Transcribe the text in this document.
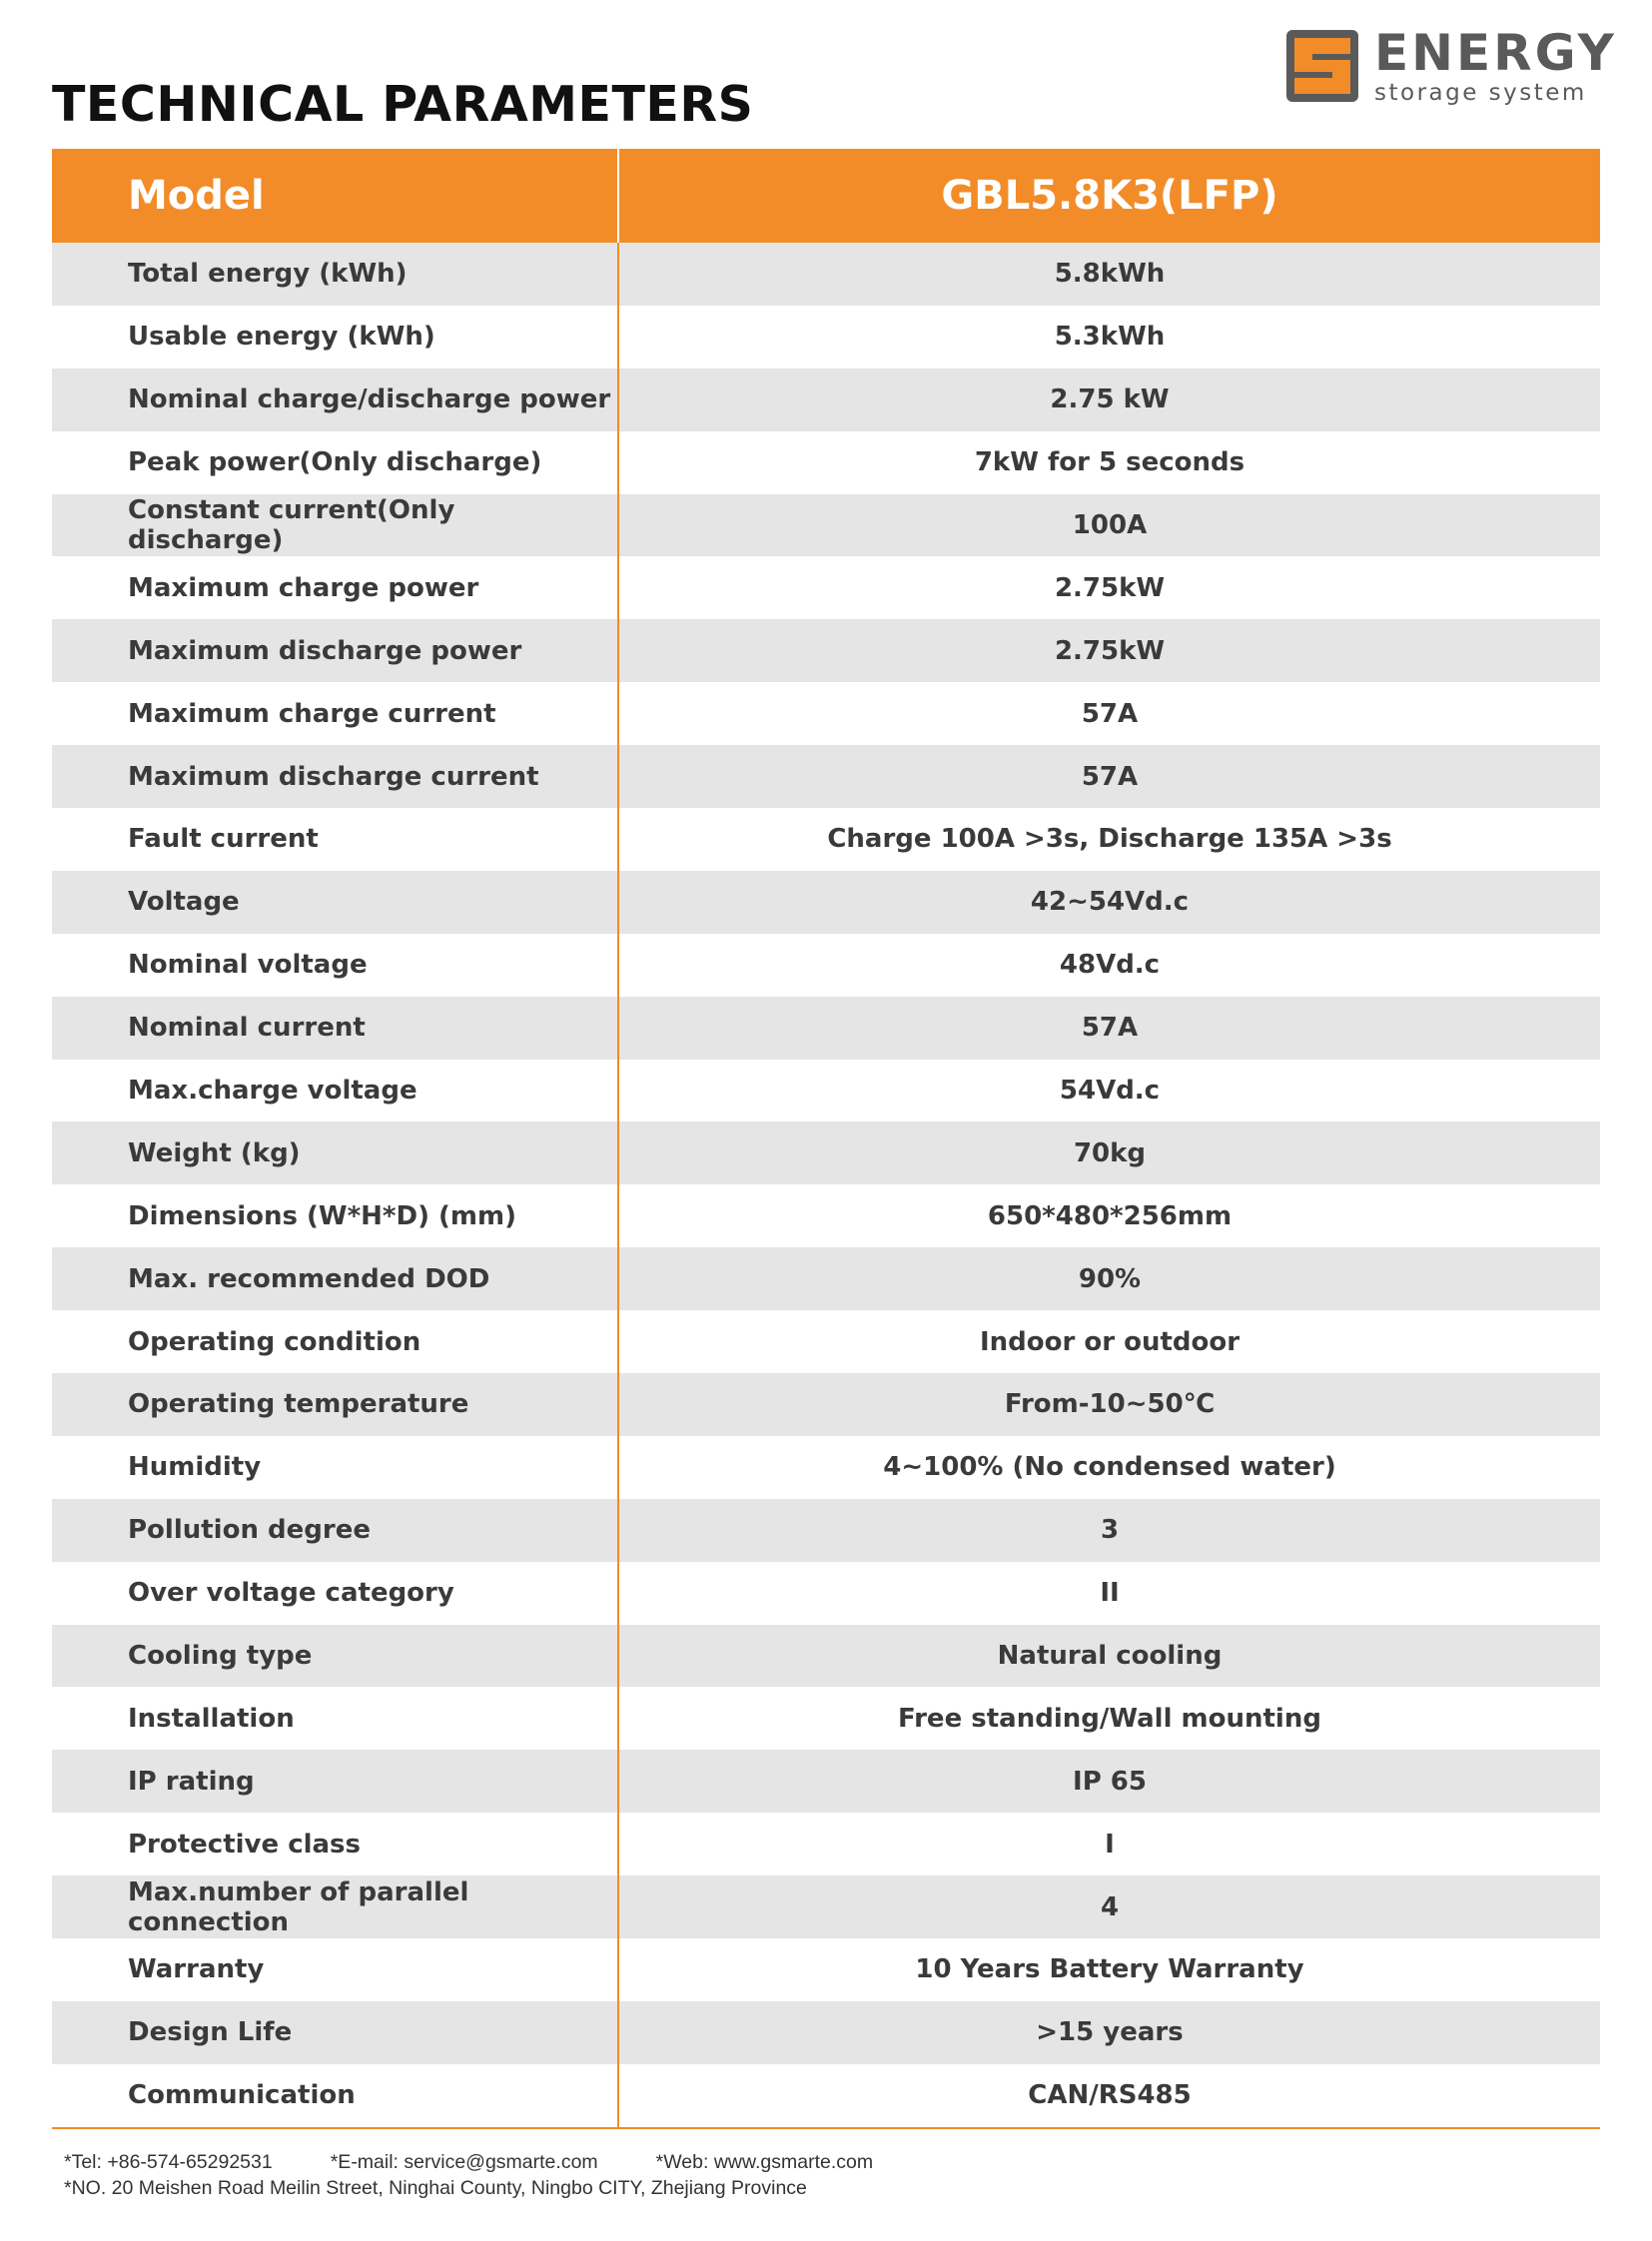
ENERGY
storage system
TECHNICAL PARAMETERS
Model	GBL5.8K3(LFP)
Total energy (kWh)	5.8kWh
Usable energy (kWh)	5.3kWh
Nominal charge/discharge power	2.75 kW
Peak power(Only discharge)	7kW for 5 seconds
Constant current(Only discharge)	100A
Maximum charge power	2.75kW
Maximum discharge power	2.75kW
Maximum charge current	57A
Maximum discharge current	57A
Fault current	Charge 100A >3s, Discharge 135A >3s
Voltage	42~54Vd.c
Nominal voltage	48Vd.c
Nominal current	57A
Max.charge voltage	54Vd.c
Weight (kg)	70kg
Dimensions (W*H*D) (mm)	650*480*256mm
Max. recommended DOD	90%
Operating condition	Indoor or outdoor
Operating temperature	From-10~50℃
Humidity	4~100% (No condensed water)
Pollution degree	3
Over voltage category	II
Cooling type	Natural cooling
Installation	Free standing/Wall mounting
IP rating	IP 65
Protective class	I
Max.number of parallel connection	4
Warranty	10 Years Battery Warranty
Design Life	>15 years
Communication	CAN/RS485
*Tel: +86-574-65292531	*E-mail: service@gsmarte.com	*Web: www.gsmarte.com
*NO. 20 Meishen Road Meilin Street, Ninghai County, Ningbo CITY, Zhejiang Province
